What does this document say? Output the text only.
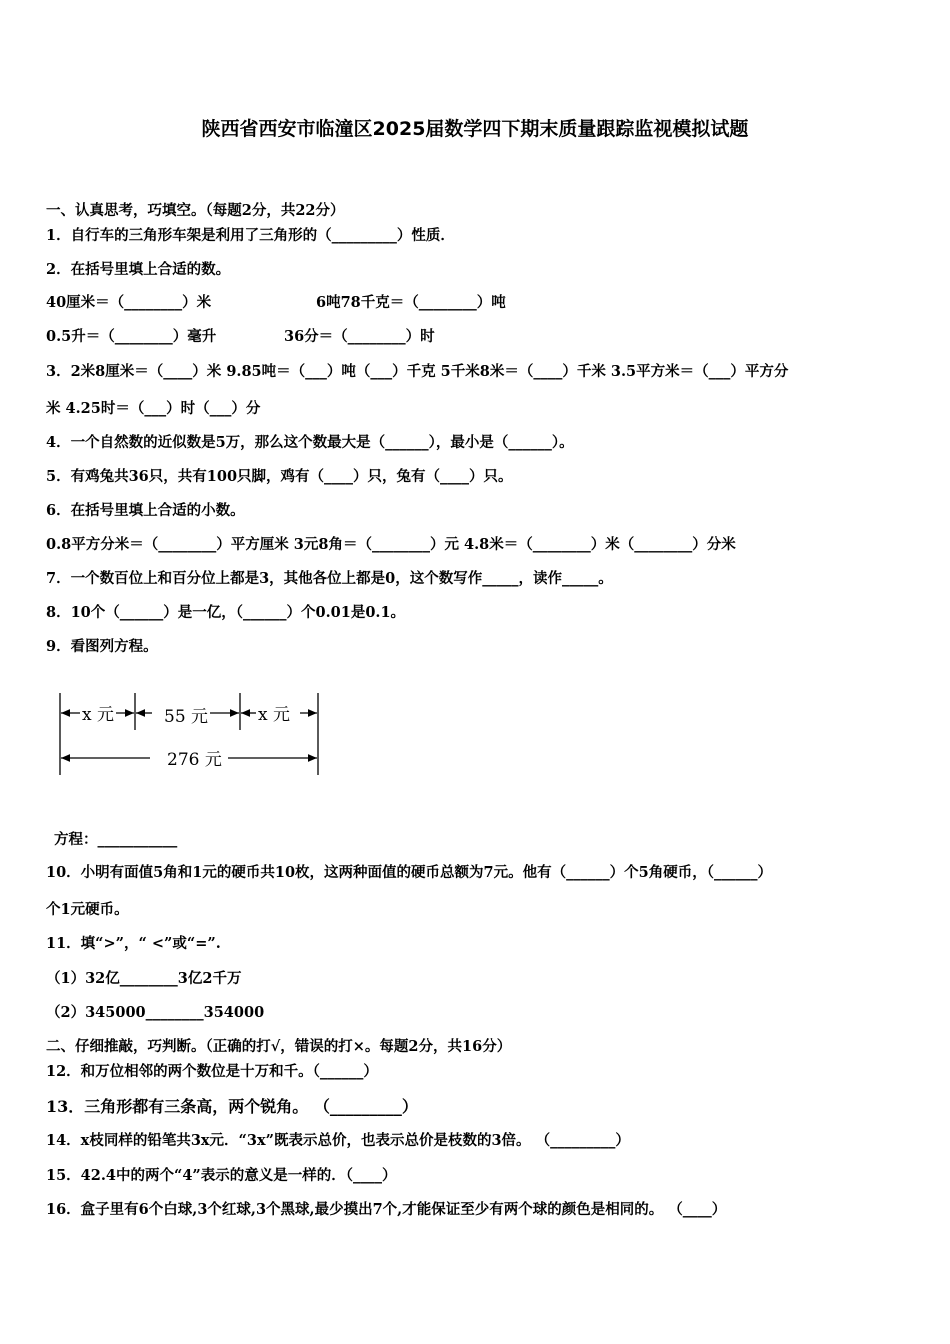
陕西省西安市临潼区2025届数学四下期末质量跟踪监视模拟试题
一、认真思考，巧填空。（每题2分，共22分）
1．自行车的三角形车架是利用了三角形的（_________）性质．
2．在括号里填上合适的数。
40厘米＝（________）米	6吨78千克＝（________）吨
0.5升＝（________）毫升	36分＝（________）时
3．2米8厘米＝（____）米 9.85吨＝（___）吨（___）千克 5千米8米＝（____）千米 3.5平方米＝（___）平方分
米 4.25时＝（___）时（___）分
4．一个自然数的近似数是5万，那么这个数最大是（______），最小是（______）。
5．有鸡兔共36只，共有100只脚，鸡有（____）只，兔有（____）只。
6．在括号里填上合适的小数。
0.8平方分米＝（________）平方厘米 3元8角＝（________）元 4.8米＝（________）米（________）分米
7．一个数百位上和百分位上都是3，其他各位上都是0，这个数写作_____，读作_____。
8．10个（______）是一亿，（______）个0.01是0.1。
9．看图列方程。
x 元	55 元	x 元
276 元
方程：___________
10．小明有面值5角和1元的硬币共10枚，这两种面值的硬币总额为7元。他有（______）个5角硬币，（______）
个1元硬币。
11．填“>”，“ <”或“=”.
（1）32亿________3亿2千万
（2）345000________354000
二、仔细推敲，巧判断。（正确的打√，错误的打×。每题2分，共16分）
12．和万位相邻的两个数位是十万和千。（______）
13．三角形都有三条高，两个锐角。 （_________）
14．x枝同样的铅笔共3x元．“3x”既表示总价，也表示总价是枝数的3倍。 （_________）
15．42.4中的两个“4”表示的意义是一样的．（____）
16．盒子里有6个白球,3个红球,3个黑球,最少摸出7个,才能保证至少有两个球的颜色是相同的。 （____）
